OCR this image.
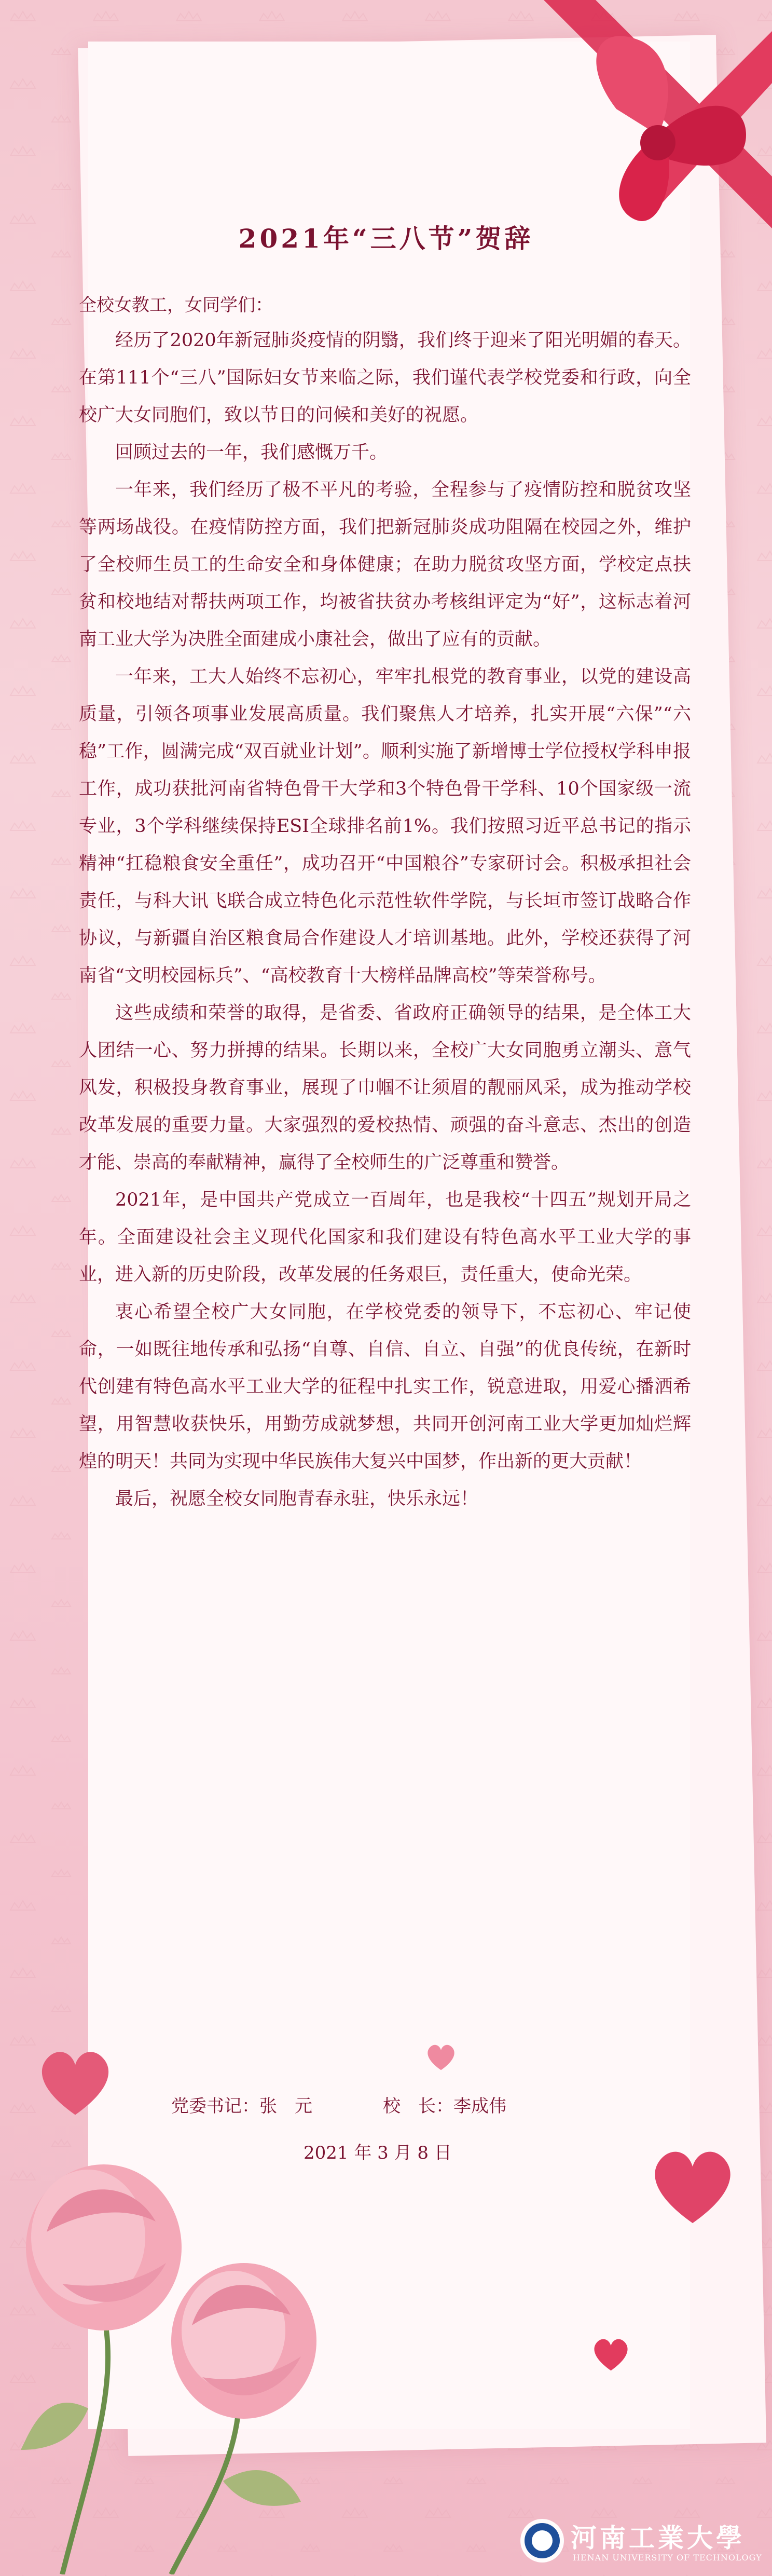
2021年“三八节”贺辞
全校女教工，女同学们：

经历了2020年新冠肺炎疫情的阴翳，我们终于迎来了阳光明媚的春天。在第111个“三八”国际妇女节来临之际，我们谨代表学校党委和行政，向全校广大女同胞们，致以节日的问候和美好的祝愿。

回顾过去的一年，我们感慨万千。

一年来，我们经历了极不平凡的考验，全程参与了疫情防控和脱贫攻坚等两场战役。在疫情防控方面，我们把新冠肺炎成功阻隔在校园之外，维护了全校师生员工的生命安全和身体健康；在助力脱贫攻坚方面，学校定点扶贫和校地结对帮扶两项工作，均被省扶贫办考核组评定为“好”，这标志着河南工业大学为决胜全面建成小康社会，做出了应有的贡献。

一年来，工大人始终不忘初心，牢牢扎根党的教育事业，以党的建设高质量，引领各项事业发展高质量。我们聚焦人才培养，扎实开展“六保”“六稳”工作，圆满完成“双百就业计划”。顺利实施了新增博士学位授权学科申报工作，成功获批河南省特色骨干大学和3个特色骨干学科、10个国家级一流专业，3个学科继续保持ESI全球排名前1%。我们按照习近平总书记的指示精神“扛稳粮食安全重任”，成功召开“中国粮谷”专家研讨会。积极承担社会责任，与科大讯飞联合成立特色化示范性软件学院，与长垣市签订战略合作协议，与新疆自治区粮食局合作建设人才培训基地。此外，学校还获得了河南省“文明校园标兵”、“高校教育十大榜样品牌高校”等荣誉称号。

这些成绩和荣誉的取得，是省委、省政府正确领导的结果，是全体工大人团结一心、努力拼搏的结果。长期以来，全校广大女同胞勇立潮头、意气风发，积极投身教育事业，展现了巾帼不让须眉的靓丽风采，成为推动学校改革发展的重要力量。大家强烈的爱校热情、顽强的奋斗意志、杰出的创造才能、崇高的奉献精神，赢得了全校师生的广泛尊重和赞誉。

2021年，是中国共产党成立一百周年，也是我校“十四五”规划开局之年。全面建设社会主义现代化国家和我们建设有特色高水平工业大学的事业，进入新的历史阶段，改革发展的任务艰巨，责任重大，使命光荣。

衷心希望全校广大女同胞，在学校党委的领导下，不忘初心、牢记使命，一如既往地传承和弘扬“自尊、自信、自立、自强”的优良传统，在新时代创建有特色高水平工业大学的征程中扎实工作，锐意进取，用爱心播洒希望，用智慧收获快乐，用勤劳成就梦想，共同开创河南工业大学更加灿烂辉煌的明天！共同为实现中华民族伟大复兴中国梦，作出新的更大贡献！

最后，祝愿全校女同胞青春永驻，快乐永远！

党委书记：张　元　　　　校　长：李成伟
2021 年 3 月 8 日
河南工業大學
HENAN UNIVERSITY OF TECHNOLOGY
